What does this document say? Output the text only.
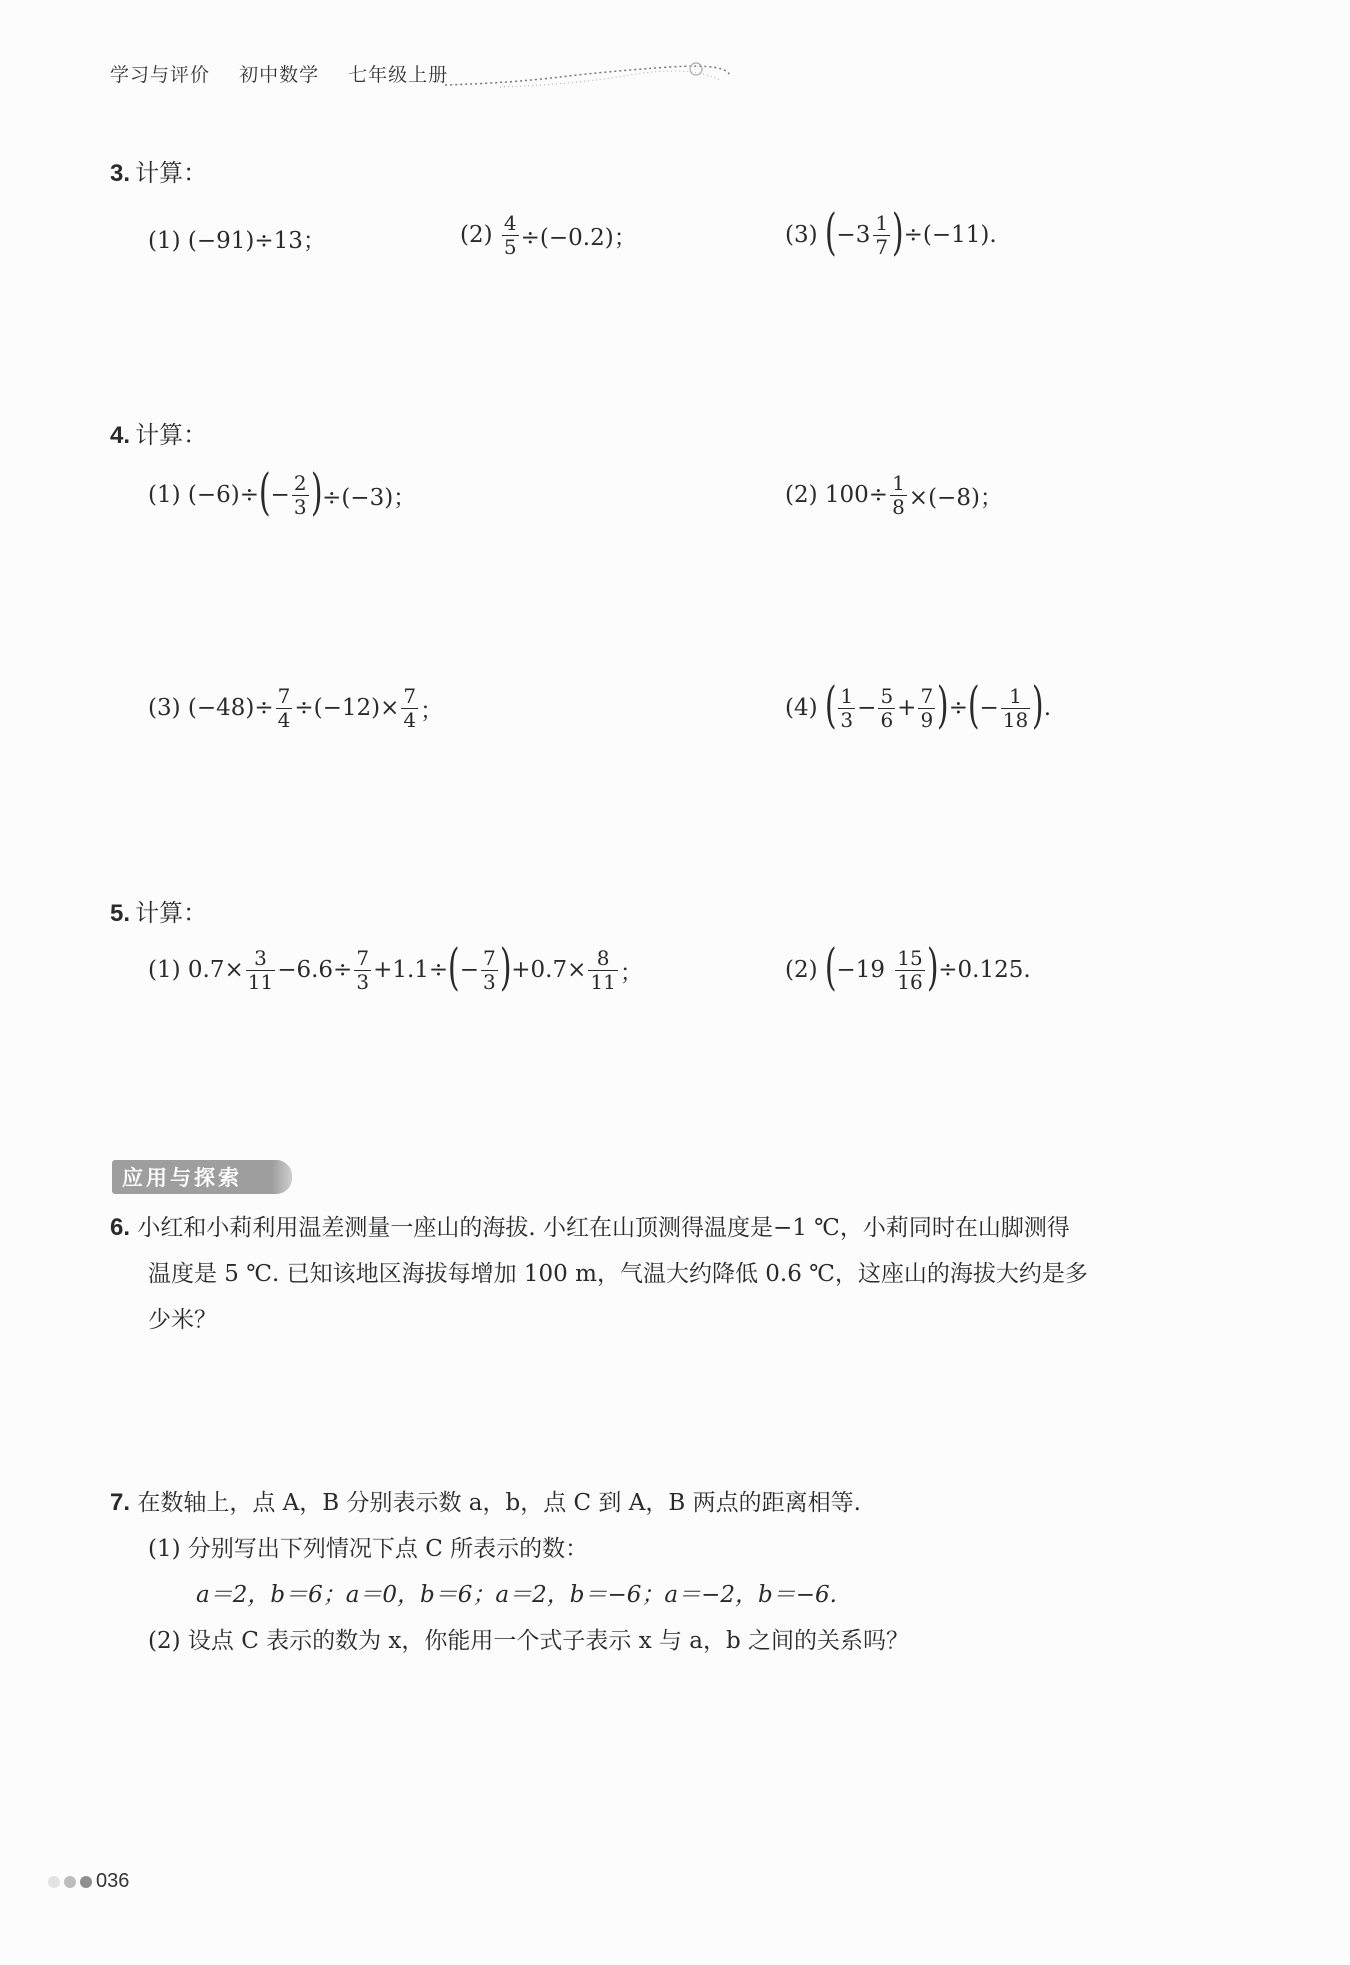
学习与评价 初中数学 七年级上册
3. 计算：
(1) (−91)÷13；	(2)
$\frac{4}{5} \div(-0.2)$；	(3)
( $-3 \frac{1}{7}$ ) ÷(−11).
4. 计算：
(1) (−6)÷ ( − $\frac{2}{3}$ ) ÷(−3)；	(2) $100\div \frac{1}{8} \times(-8)$；
(3) $(-48)\div \frac{7}{4} \div(-12)\times \frac{7}{4}$ ；	(4)
( $\frac{1}{3} - \frac{5}{6} + \frac{7}{9}$ ) ÷ ( − $\frac{1}{18}$ ) .
5. 计算：
(1) $0.7\times \frac{3}{11} -6.6\div \frac{7}{3} +1.1\div$ ( − $\frac{7}{3}$ ) $+0.7\times \frac{8}{11}$ ；	(2)
( −19
$\frac{15}{16}$ ) ÷0.125.
应用与探索
6. 小红和小莉利用温差测量一座山的海拔. 小红在山顶测得温度是−1 ℃，小莉同时在山脚测得
温度是 5 ℃. 已知该地区海拔每增加 100 m，气温大约降低 0.6 ℃，这座山的海拔大约是多
少米？
7. 在数轴上，点 A，B 分别表示数 a，b，点 C 到 A，B 两点的距离相等.
(1) 分别写出下列情况下点 C 所表示的数：
a＝2，b＝6；a＝0，b＝6；a＝2，b＝−6；a＝−2，b＝−6.
(2) 设点 C 表示的数为 x，你能用一个式子表示 x 与 a，b 之间的关系吗？
036
